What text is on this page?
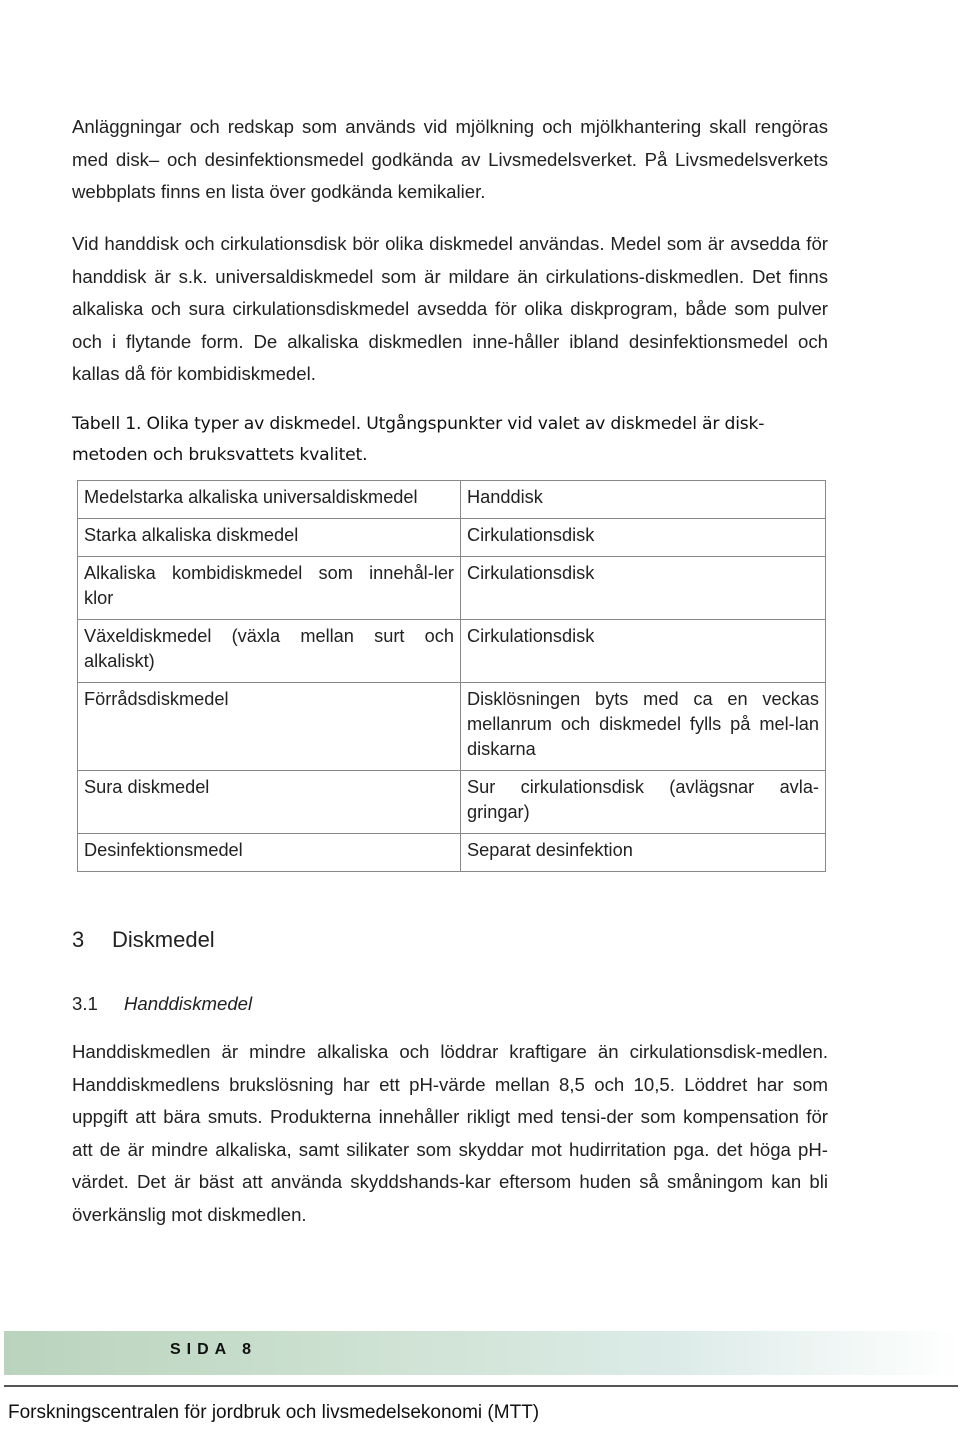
Anläggningar och redskap som används vid mjölkning och mjölkhantering skall rengöras med disk– och desinfektionsmedel godkända av Livsmedelsverket. På Livsmedelsverkets webbplats finns en lista över godkända kemikalier.

Vid handdisk och cirkulationsdisk bör olika diskmedel användas. Medel som är avsedda för handdisk är s.k. universaldiskmedel som är mildare än cirkulations-diskmedlen. Det finns alkaliska och sura cirkulationsdiskmedel avsedda för olika diskprogram, både som pulver och i flytande form. De alkaliska diskmedlen inne-håller ibland desinfektionsmedel och kallas då för kombidiskmedel.

Tabell 1. Olika typer av diskmedel. Utgångspunkter vid valet av diskmedel är disk-metoden och bruksvattets kvalitet.

Medelstarka alkaliska universaldiskmedel	Handdisk
Starka alkaliska diskmedel	Cirkulationsdisk
Alkaliska kombidiskmedel som innehål-ler klor	Cirkulationsdisk
Växeldiskmedel (växla mellan surt och alkaliskt)	Cirkulationsdisk
Förrådsdiskmedel	Disklösningen byts med ca en veckas mellanrum och diskmedel fylls på mel-lan diskarna
Sura diskmedel	Sur cirkulationsdisk (avlägsnar avla-gringar)
Desinfektionsmedel	Separat desinfektion
3 Diskmedel
3.1 Handdiskmedel

Handdiskmedlen är mindre alkaliska och löddrar kraftigare än cirkulationsdisk-medlen. Handdiskmedlens brukslösning har ett pH-värde mellan 8,5 och 10,5. Löddret har som uppgift att bära smuts. Produkterna innehåller rikligt med tensi-der som kompensation för att de är mindre alkaliska, samt silikater som skyddar mot hudirritation pga. det höga pH-värdet. Det är bäst att använda skyddshands-kar eftersom huden så småningom kan bli överkänslig mot diskmedlen.

SIDA 8
Forskningscentralen för jordbruk och livsmedelsekonomi (MTT)
